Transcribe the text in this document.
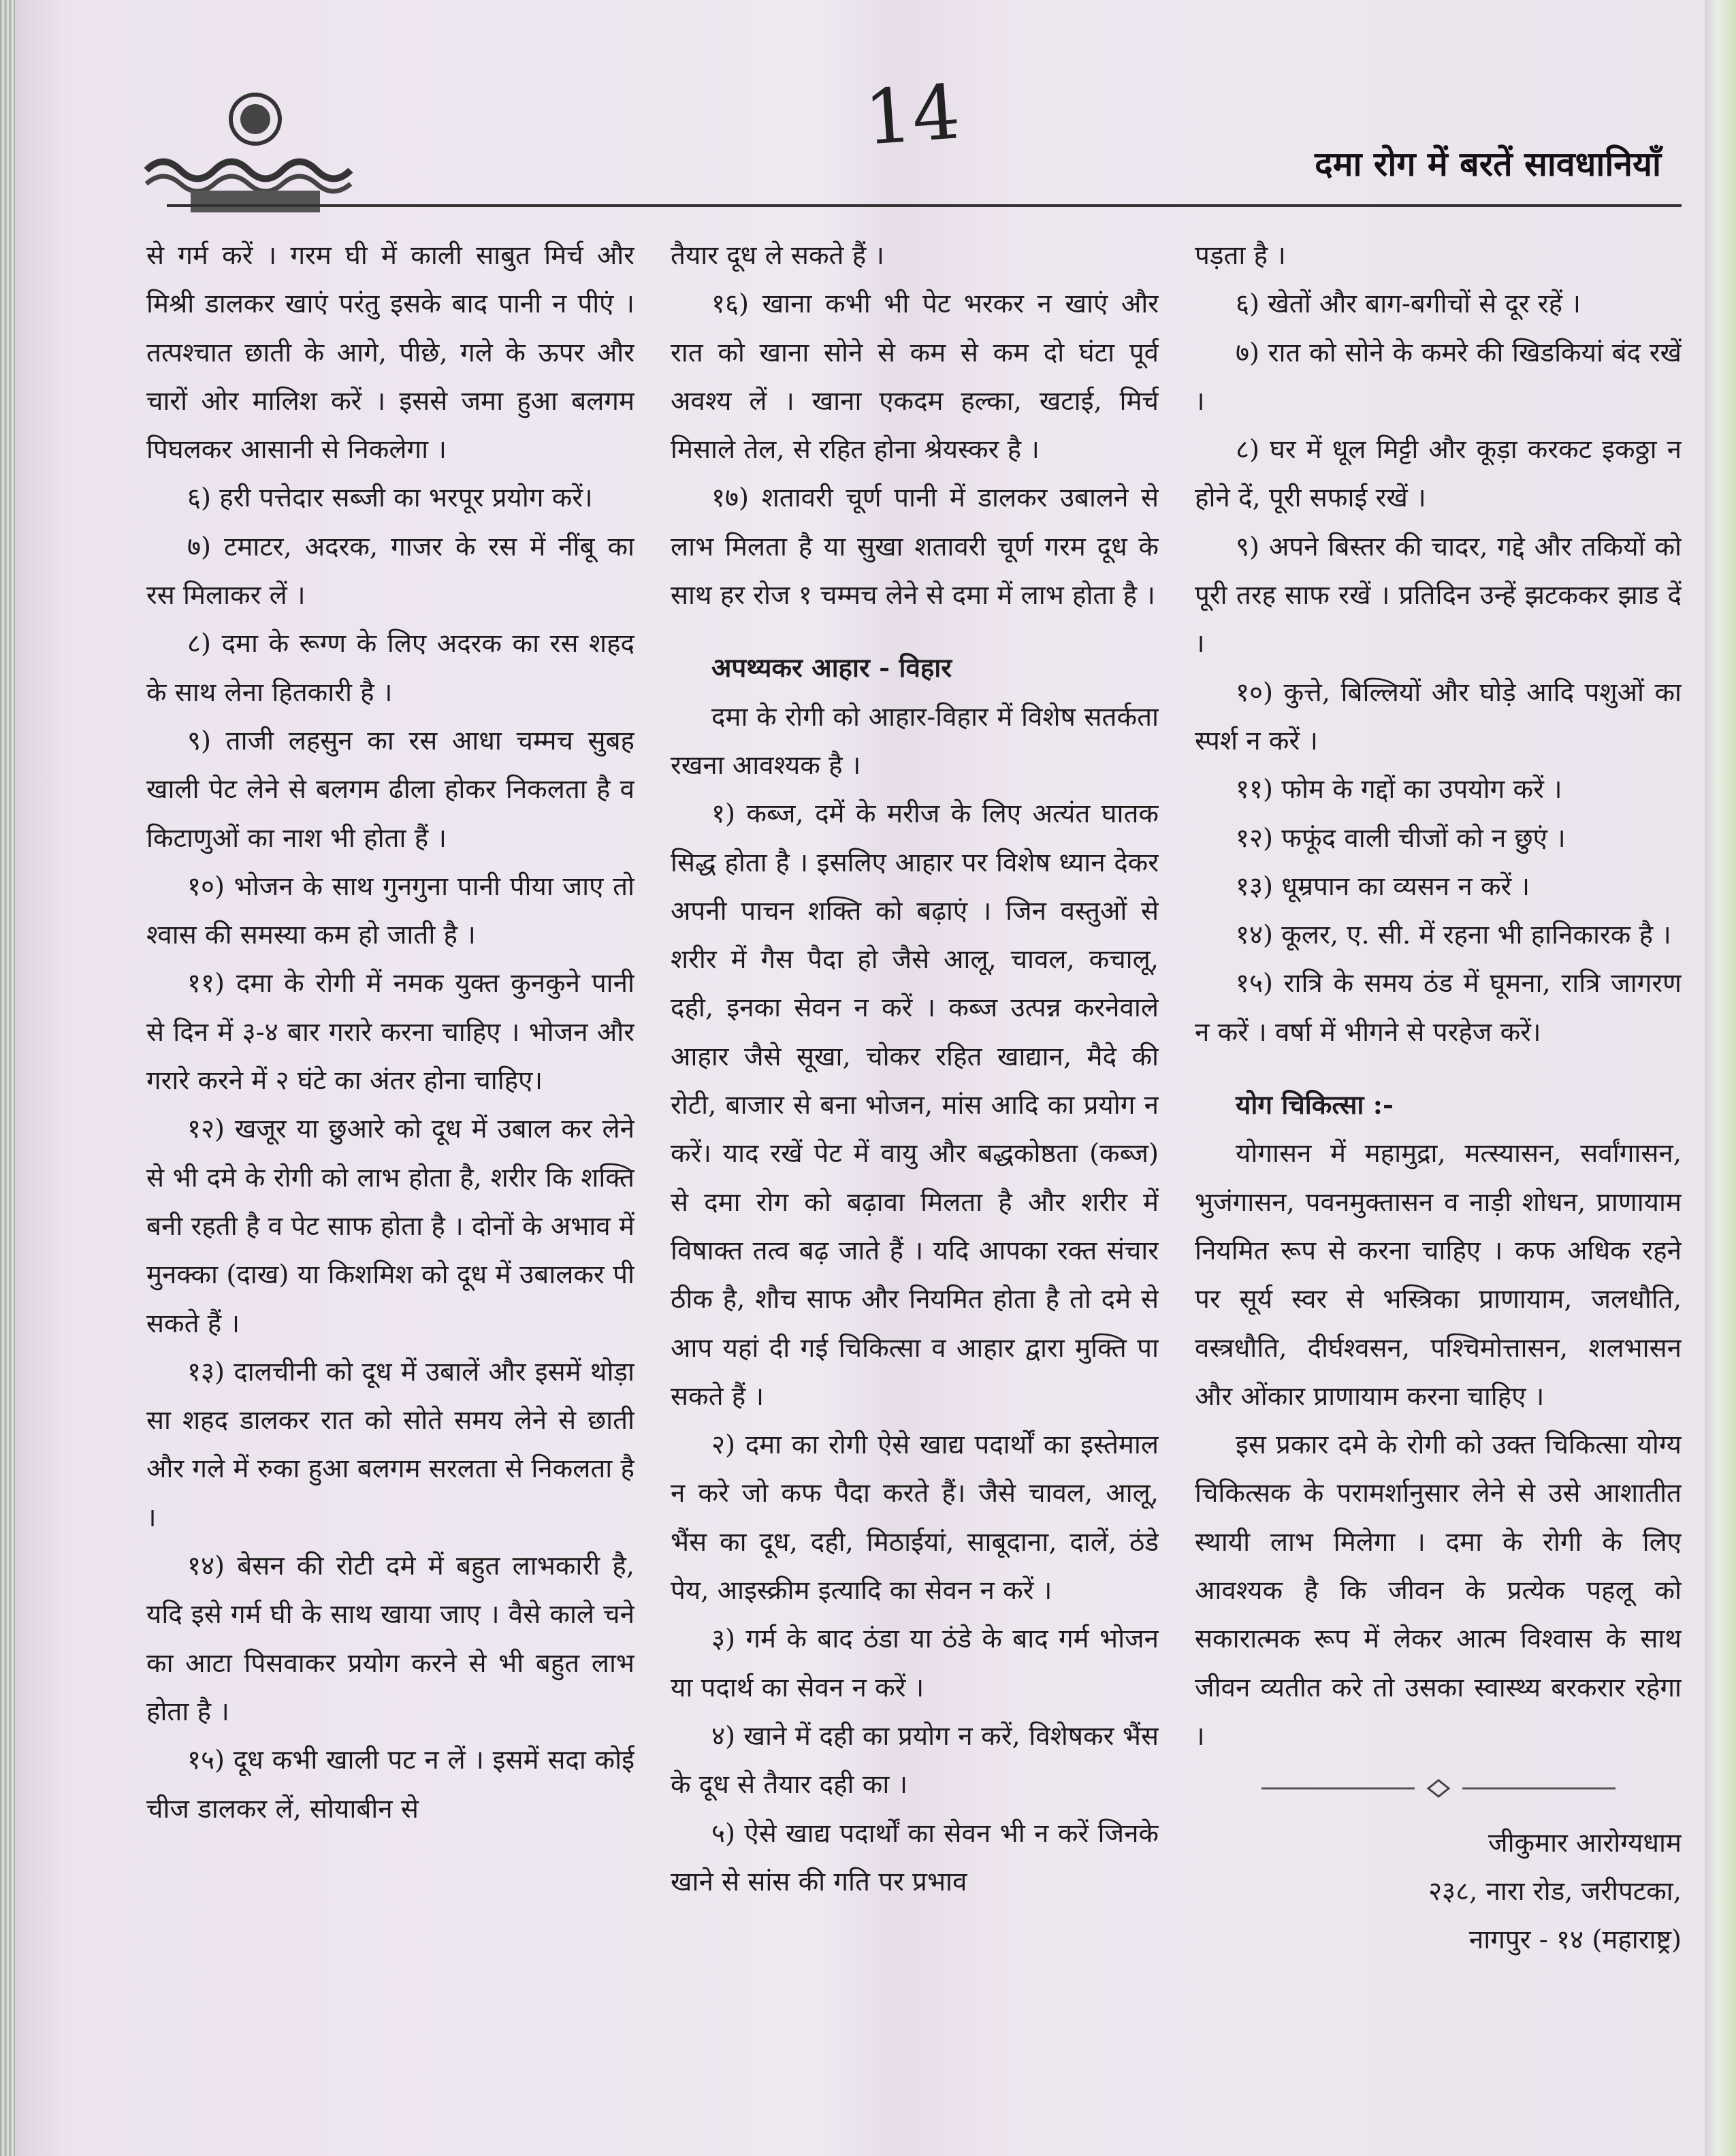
14
दमा रोग में बरतें सावधानियाँ

से गर्म करें । गरम घी में काली साबुत मिर्च और मिश्री डालकर खाएं परंतु इसके बाद पानी न पीएं । तत्पश्चात छाती के आगे, पीछे, गले के ऊपर और चारों ओर मालिश करें । इससे जमा हुआ बलगम पिघलकर आसानी से निकलेगा ।

६) हरी पत्तेदार सब्जी का भरपूर प्रयोग करें।

७) टमाटर, अदरक, गाजर के रस में नींबू का रस मिलाकर लें ।

८) दमा के रूग्ण के लिए अदरक का रस शहद के साथ लेना हितकारी है ।

९) ताजी लहसुन का रस आधा चम्मच सुबह खाली पेट लेने से बलगम ढीला होकर निकलता है व किटाणुओं का नाश भी होता हैं ।

१०) भोजन के साथ गुनगुना पानी पीया जाए तो श्वास की समस्या कम हो जाती है ।

११) दमा के रोगी में नमक युक्त कुनकुने पानी से दिन में ३-४ बार गरारे करना चाहिए । भोजन और गरारे करने में २ घंटे का अंतर होना चाहिए।

१२) खजूर या छुआरे को दूध में उबाल कर लेने से भी दमे के रोगी को लाभ होता है, शरीर कि शक्ति बनी रहती है व पेट साफ होता है । दोनों के अभाव में मुनक्का (दाख) या किशमिश को दूध में उबालकर पी सकते हैं ।

१३) दालचीनी को दूध में उबालें और इसमें थोड़ा सा शहद डालकर रात को सोते समय लेने से छाती और गले में रुका हुआ बलगम सरलता से निकलता है ।

१४) बेसन की रोटी दमे में बहुत लाभकारी है, यदि इसे गर्म घी के साथ खाया जाए । वैसे काले चने का आटा पिसवाकर प्रयोग करने से भी बहुत लाभ होता है ।

१५) दूध कभी खाली पट न लें । इसमें सदा कोई चीज डालकर लें, सोयाबीन से

तैयार दूध ले सकते हैं ।

१६) खाना कभी भी पेट भरकर न खाएं और रात को खाना सोने से कम से कम दो घंटा पूर्व अवश्य लें । खाना एकदम हल्का, खटाई, मिर्च मिसाले तेल, से रहित होना श्रेयस्कर है ।

१७) शतावरी चूर्ण पानी में डालकर उबालने से लाभ मिलता है या सुखा शतावरी चूर्ण गरम दूध के साथ हर रोज १ चम्मच लेने से दमा में लाभ होता है ।

अपथ्यकर आहार - विहार

दमा के रोगी को आहार-विहार में विशेष सतर्कता रखना आवश्यक है ।

१) कब्ज, दमें के मरीज के लिए अत्यंत घातक सिद्ध होता है । इसलिए आहार पर विशेष ध्यान देकर अपनी पाचन शक्ति को बढ़ाएं । जिन वस्तुओं से शरीर में गैस पैदा हो जैसे आलू, चावल, कचालू, दही, इनका सेवन न करें । कब्ज उत्पन्न करनेवाले आहार जैसे सूखा, चोकर रहित खाद्यान, मैदे की रोटी, बाजार से बना भोजन, मांस आदि का प्रयोग न करें। याद रखें पेट में वायु और बद्धकोष्ठता (कब्ज) से दमा रोग को बढ़ावा मिलता है और शरीर में विषाक्त तत्व बढ़ जाते हैं । यदि आपका रक्त संचार ठीक है, शौच साफ और नियमित होता है तो दमे से आप यहां दी गई चिकित्सा व आहार द्वारा मुक्ति पा सकते हैं ।

२) दमा का रोगी ऐसे खाद्य पदार्थों का इस्तेमाल न करे जो कफ पैदा करते हैं। जैसे चावल, आलू, भैंस का दूध, दही, मिठाईयां, साबूदाना, दालें, ठंडे पेय, आइस्क्रीम इत्यादि का सेवन न करें ।

३) गर्म के बाद ठंडा या ठंडे के बाद गर्म भोजन या पदार्थ का सेवन न करें ।

४) खाने में दही का प्रयोग न करें, विशेषकर भैंस के दूध से तैयार दही का ।

५) ऐसे खाद्य पदार्थों का सेवन भी न करें जिनके खाने से सांस की गति पर प्रभाव

पड़ता है ।

६) खेतों और बाग-बगीचों से दूर रहें ।

७) रात को सोने के कमरे की खिडकियां बंद रखें ।

८) घर में धूल मिट्टी और कूड़ा करकट इकठ्ठा न होने दें, पूरी सफाई रखें ।

९) अपने बिस्तर की चादर, गद्दे और तकियों को पूरी तरह साफ रखें । प्रतिदिन उन्हें झटककर झाड दें ।

१०) कुत्ते, बिल्लियों और घोड़े आदि पशुओं का स्पर्श न करें ।

११) फोम के गद्दों का उपयोग करें ।

१२) फफूंद वाली चीजों को न छुएं ।

१३) धूम्रपान का व्यसन न करें ।

१४) कूलर, ए. सी. में रहना भी हानिकारक है ।

१५) रात्रि के समय ठंड में घूमना, रात्रि जागरण न करें । वर्षा में भीगने से परहेज करें।

योग चिकित्सा :-

योगासन में महामुद्रा, मत्स्यासन, सर्वांगासन, भुजंगासन, पवनमुक्तासन व नाड़ी शोधन, प्राणायाम नियमित रूप से करना चाहिए । कफ अधिक रहने पर सूर्य स्वर से भस्त्रिका प्राणायाम, जलधौति, वस्त्रधौति, दीर्घश्वसन, पश्चिमोत्तासन, शलभासन और ओंकार प्राणायाम करना चाहिए ।

इस प्रकार दमे के रोगी को उक्त चिकित्सा योग्य चिकित्सक के परामर्शानुसार लेने से उसे आशातीत स्थायी लाभ मिलेगा । दमा के रोगी के लिए आवश्यक है कि जीवन के प्रत्येक पहलू को सकारात्मक रूप में लेकर आत्म विश्वास के साथ जीवन व्यतीत करे तो उसका स्वास्थ्य बरकरार रहेगा ।

जीकुमार आरोग्यधाम

२३८, नारा रोड, जरीपटका,

नागपुर - १४ (महाराष्ट्र)
